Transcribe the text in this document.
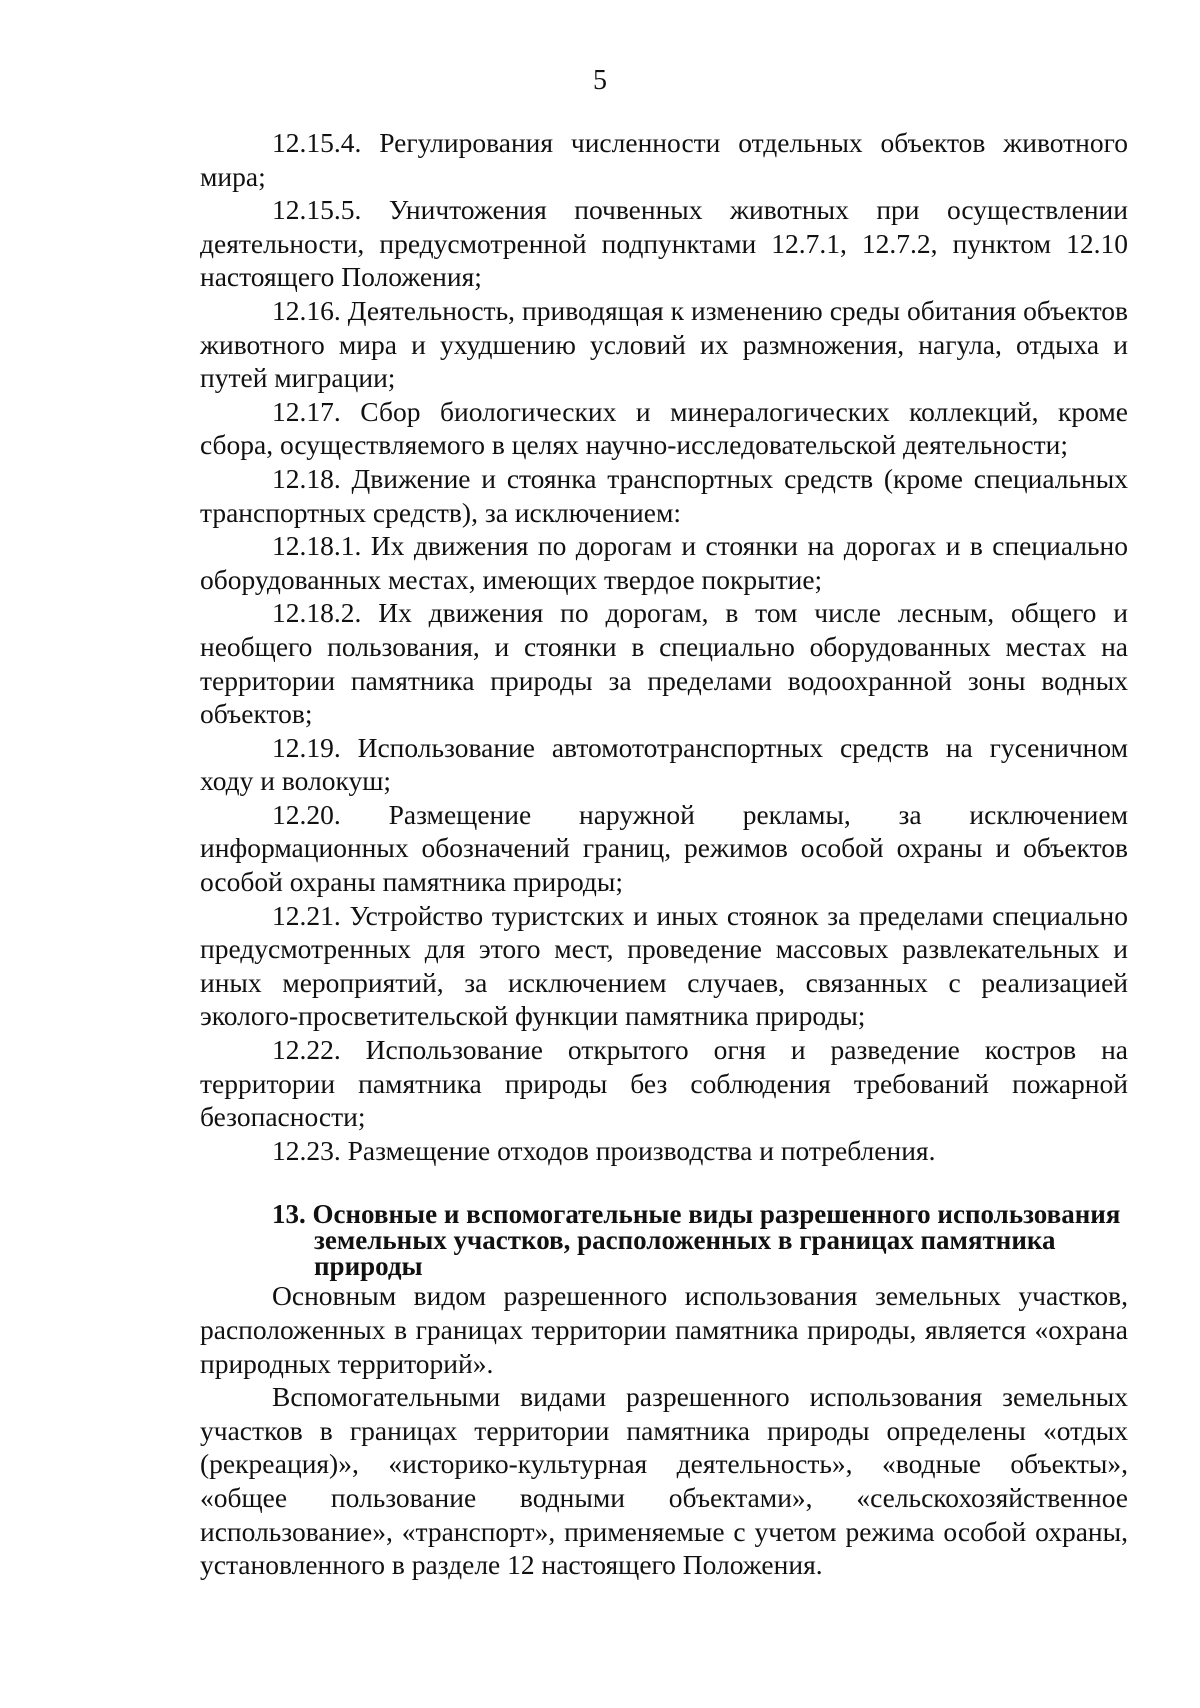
5

12.15.4. Регулирования численности отдельных объектов животного мира;

12.15.5. Уничтожения почвенных животных при осуществлении деятельности, предусмотренной подпунктами 12.7.1, 12.7.2, пунктом 12.10 настоящего Положения;

12.16. Деятельность, приводящая к изменению среды обитания объектов животного мира и ухудшению условий их размножения, нагула, отдыха и путей миграции;

12.17. Сбор биологических и минералогических коллекций, кроме сбора, осуществляемого в целях научно-исследовательской деятельности;

12.18. Движение и стоянка транспортных средств (кроме специальных транспортных средств), за исключением:

12.18.1. Их движения по дорогам и стоянки на дорогах и в специально оборудованных местах, имеющих твердое покрытие;

12.18.2. Их движения по дорогам, в том числе лесным, общего и необщего пользования, и стоянки в специально оборудованных местах на территории памятника природы за пределами водоохранной зоны водных объектов;

12.19. Использование автомототранспортных средств на гусеничном ходу и волокуш;

12.20. Размещение наружной рекламы, за исключением информационных обозначений границ, режимов особой охраны и объектов особой охраны памятника природы;

12.21. Устройство туристских и иных стоянок за пределами специально предусмотренных для этого мест, проведение массовых развлекательных и иных мероприятий, за исключением случаев, связанных с реализацией эколого-просветительской функции памятника природы;

12.22. Использование открытого огня и разведение костров на территории памятника природы без соблюдения требований пожарной безопасности;

12.23. Размещение отходов производства и потребления.

13. Основные и вспомогательные виды разрешенного использования
земельных участков, расположенных в границах памятника природы

Основным видом разрешенного использования земельных участков, расположенных в границах территории памятника природы, является «охрана природных территорий».

Вспомогательными видами разрешенного использования земельных участков в границах территории памятника природы определены «отдых (рекреация)», «историко-культурная деятельность», «водные объекты», «общее пользование водными объектами», «сельскохозяйственное использование», «транспорт», применяемые с учетом режима особой охраны, установленного в разделе 12 настоящего Положения.
